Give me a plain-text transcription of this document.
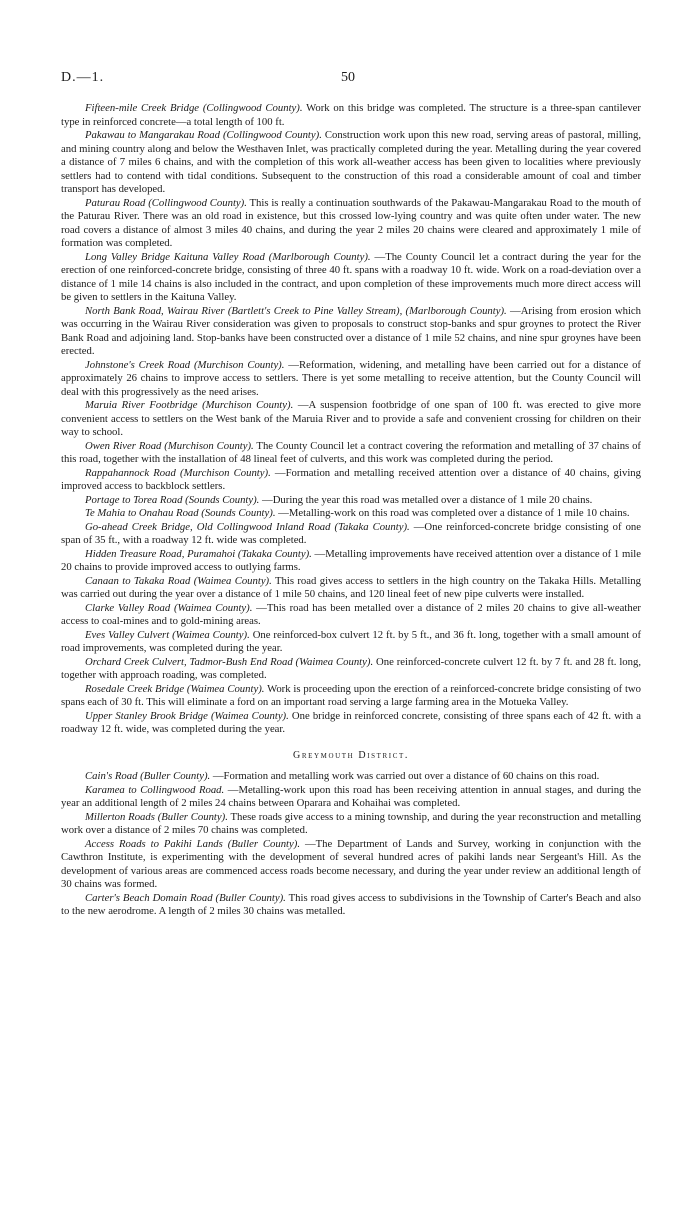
D.—1.	50

Fifteen-mile Creek Bridge (Collingwood County). Work on this bridge was completed. The structure is a three-span cantilever type in reinforced concrete—a total length of 100 ft.

Pakawau to Mangarakau Road (Collingwood County). Construction work upon this new road, serving areas of pastoral, milling, and mining country along and below the Westhaven Inlet, was practically completed during the year. Metalling during the year covered a distance of 7 miles 6 chains, and with the completion of this work all-weather access has been given to localities where previously settlers had to contend with tidal conditions. Subsequent to the construction of this road a considerable amount of coal and timber transport has developed.

Paturau Road (Collingwood County). This is really a continuation southwards of the Pakawau-Mangarakau Road to the mouth of the Paturau River. There was an old road in existence, but this crossed low-lying country and was quite often under water. The new road covers a distance of almost 3 miles 40 chains, and during the year 2 miles 20 chains were cleared and approximately 1 mile of formation was completed.

Long Valley Bridge Kaituna Valley Road (Marlborough County). —The County Council let a contract during the year for the erection of one reinforced-concrete bridge, consisting of three 40 ft. spans with a roadway 10 ft. wide. Work on a road-deviation over a distance of 1 mile 14 chains is also included in the contract, and upon completion of these improvements much more direct access will be given to settlers in the Kaituna Valley.

North Bank Road, Wairau River (Bartlett's Creek to Pine Valley Stream), (Marlborough County). —Arising from erosion which was occurring in the Wairau River consideration was given to proposals to construct stop-banks and spur groynes to protect the River Bank Road and adjoining land. Stop-banks have been constructed over a distance of 1 mile 52 chains, and nine spur groynes have been erected.

Johnstone's Creek Road (Murchison County). —Reformation, widening, and metalling have been carried out for a distance of approximately 26 chains to improve access to settlers. There is yet some metalling to receive attention, but the County Council will deal with this progressively as the need arises.

Maruia River Footbridge (Murchison County). —A suspension footbridge of one span of 100 ft. was erected to give more convenient access to settlers on the West bank of the Maruia River and to provide a safe and convenient crossing for children on their way to school.

Owen River Road (Murchison County). The County Council let a contract covering the reformation and metalling of 37 chains of this road, together with the installation of 48 lineal feet of culverts, and this work was completed during the period.

Rappahannock Road (Murchison County). —Formation and metalling received attention over a distance of 40 chains, giving improved access to backblock settlers.

Portage to Torea Road (Sounds County). —During the year this road was metalled over a distance of 1 mile 20 chains.

Te Mahia to Onahau Road (Sounds County). —Metalling-work on this road was completed over a distance of 1 mile 10 chains.

Go-ahead Creek Bridge, Old Collingwood Inland Road (Takaka County). —One reinforced-concrete bridge consisting of one span of 35 ft., with a roadway 12 ft. wide was completed.

Hidden Treasure Road, Puramahoi (Takaka County). —Metalling improvements have received attention over a distance of 1 mile 20 chains to provide improved access to outlying farms.

Canaan to Takaka Road (Waimea County). This road gives access to settlers in the high country on the Takaka Hills. Metalling was carried out during the year over a distance of 1 mile 50 chains, and 120 lineal feet of new pipe culverts were installed.

Clarke Valley Road (Waimea County). —This road has been metalled over a distance of 2 miles 20 chains to give all-weather access to coal-mines and to gold-mining areas.

Eves Valley Culvert (Waimea County). One reinforced-box culvert 12 ft. by 5 ft., and 36 ft. long, together with a small amount of road improvements, was completed during the year.

Orchard Creek Culvert, Tadmor-Bush End Road (Waimea County). One reinforced-concrete culvert 12 ft. by 7 ft. and 28 ft. long, together with approach roading, was completed.

Rosedale Creek Bridge (Waimea County). Work is proceeding upon the erection of a reinforced-concrete bridge consisting of two spans each of 30 ft. This will eliminate a ford on an important road serving a large farming area in the Motueka Valley.

Upper Stanley Brook Bridge (Waimea County). One bridge in reinforced concrete, consisting of three spans each of 42 ft. with a roadway 12 ft. wide, was completed during the year.

Greymouth District.

Cain's Road (Buller County). —Formation and metalling work was carried out over a distance of 60 chains on this road.

Karamea to Collingwood Road. —Metalling-work upon this road has been receiving attention in annual stages, and during the year an additional length of 2 miles 24 chains between Oparara and Kohaihai was completed.

Millerton Roads (Buller County). These roads give access to a mining township, and during the year reconstruction and metalling work over a distance of 2 miles 70 chains was completed.

Access Roads to Pakihi Lands (Buller County). —The Department of Lands and Survey, working in conjunction with the Cawthron Institute, is experimenting with the development of several hundred acres of pakihi lands near Sergeant's Hill. As the development of various areas are commenced access roads become necessary, and during the year under review an additional length of 30 chains was formed.

Carter's Beach Domain Road (Buller County). This road gives access to subdivisions in the Township of Carter's Beach and also to the new aerodrome. A length of 2 miles 30 chains was metalled.
